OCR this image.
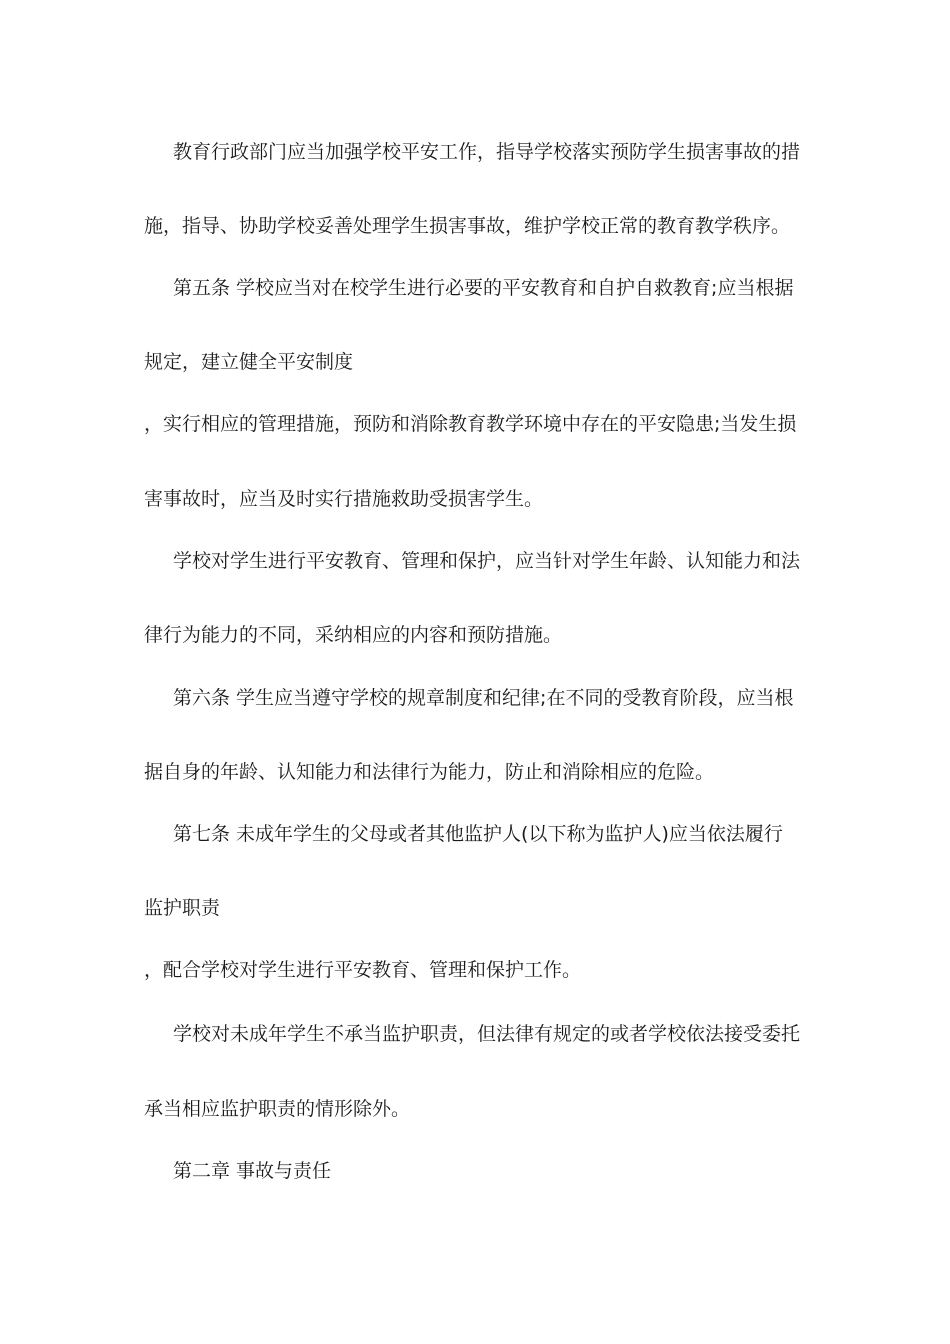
教育行政部门应当加强学校平安工作，指导学校落实预防学生损害事故的措
施，指导、协助学校妥善处理学生损害事故，维护学校正常的教育教学秩序。
第五条 学校应当对在校学生进行必要的平安教育和自护自救教育;应当根据
规定，建立健全平安制度
，实行相应的管理措施，预防和消除教育教学环境中存在的平安隐患;当发生损
害事故时，应当及时实行措施救助受损害学生。
学校对学生进行平安教育、管理和保护，应当针对学生年龄、认知能力和法
律行为能力的不同，采纳相应的内容和预防措施。
第六条 学生应当遵守学校的规章制度和纪律;在不同的受教育阶段，应当根
据自身的年龄、认知能力和法律行为能力，防止和消除相应的危险。
第七条 未成年学生的父母或者其他监护人(以下称为监护人)应当依法履行
监护职责
，配合学校对学生进行平安教育、管理和保护工作。
学校对未成年学生不承当监护职责，但法律有规定的或者学校依法接受委托
承当相应监护职责的情形除外。
第二章 事故与责任
